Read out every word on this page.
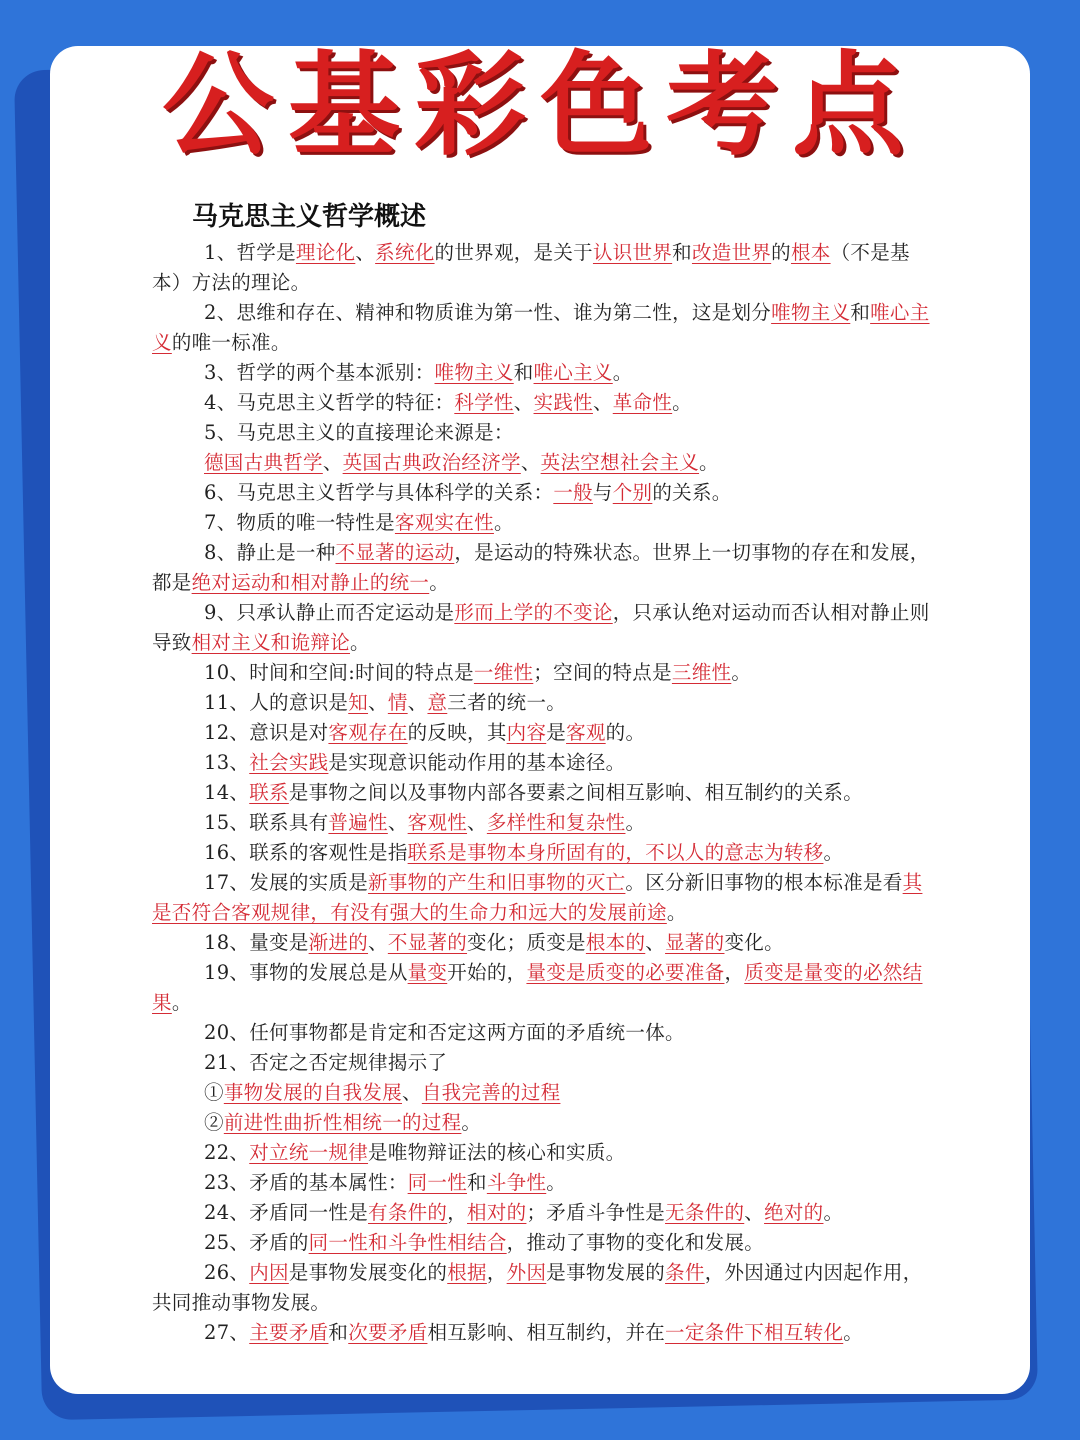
公基彩色考点
马克思主义哲学概述

1、哲学是理论化、系统化的世界观，是关于认识世界和改造世界的根本（不是基本）方法的理论。

2、思维和存在、精神和物质谁为第一性、谁为第二性，这是划分唯物主义和唯心主义的唯一标准。

3、哲学的两个基本派别：唯物主义和唯心主义。

4、马克思主义哲学的特征：科学性、实践性、革命性。

5、马克思主义的直接理论来源是：

德国古典哲学、英国古典政治经济学、英法空想社会主义。

6、马克思主义哲学与具体科学的关系：一般与个别的关系。

7、物质的唯一特性是客观实在性。

8、静止是一种不显著的运动，是运动的特殊状态。世界上一切事物的存在和发展，都是绝对运动和相对静止的统一。

9、只承认静止而否定运动是形而上学的不变论，只承认绝对运动而否认相对静止则导致相对主义和诡辩论。

10、时间和空间:时间的特点是一维性；空间的特点是三维性。

11、人的意识是知、情、意三者的统一。

12、意识是对客观存在的反映，其内容是客观的。

13、社会实践是实现意识能动作用的基本途径。

14、联系是事物之间以及事物内部各要素之间相互影响、相互制约的关系。

15、联系具有普遍性、客观性、多样性和复杂性。

16、联系的客观性是指联系是事物本身所固有的，不以人的意志为转移。

17、发展的实质是新事物的产生和旧事物的灭亡。区分新旧事物的根本标准是看其是否符合客观规律，有没有强大的生命力和远大的发展前途。

18、量变是渐进的、不显著的变化；质变是根本的、显著的变化。

19、事物的发展总是从量变开始的，量变是质变的必要准备，质变是量变的必然结果。

20、任何事物都是肯定和否定这两方面的矛盾统一体。

21、否定之否定规律揭示了

①事物发展的自我发展、自我完善的过程

②前进性曲折性相统一的过程。

22、对立统一规律是唯物辩证法的核心和实质。

23、矛盾的基本属性：同一性和斗争性。

24、矛盾同一性是有条件的，相对的；矛盾斗争性是无条件的、绝对的。

25、矛盾的同一性和斗争性相结合，推动了事物的变化和发展。

26、内因是事物发展变化的根据，外因是事物发展的条件，外因通过内因起作用，共同推动事物发展。

27、主要矛盾和次要矛盾相互影响、相互制约，并在一定条件下相互转化。
